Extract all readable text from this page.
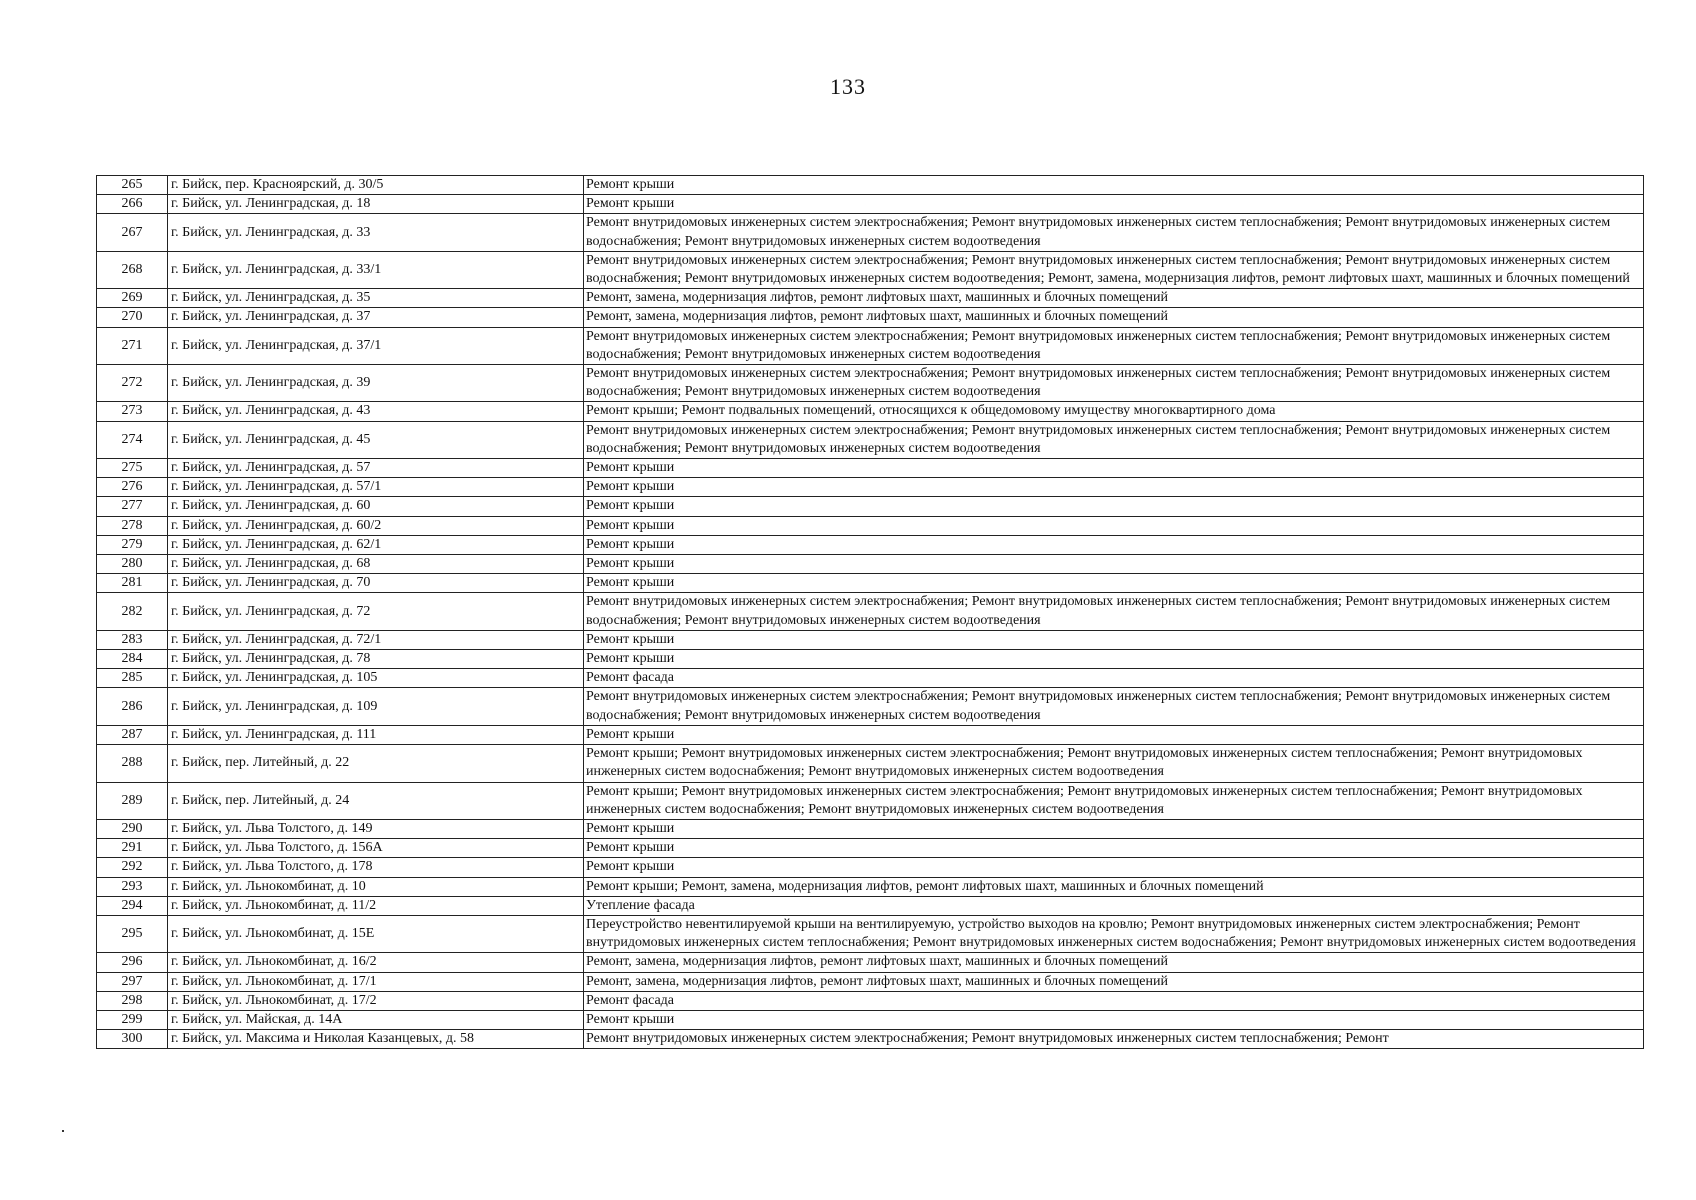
133
265	г. Бийск, пер. Красноярский, д. 30/5	Ремонт крыши
266	г. Бийск, ул. Ленинградская, д. 18	Ремонт крыши
267	г. Бийск, ул. Ленинградская, д. 33	Ремонт внутридомовых инженерных систем электроснабжения; Ремонт внутридомовых инженерных систем теплоснабжения; Ремонт внутридомовых инженерных систем водоснабжения; Ремонт внутридомовых инженерных систем водоотведения
268	г. Бийск, ул. Ленинградская, д. 33/1	Ремонт внутридомовых инженерных систем электроснабжения; Ремонт внутридомовых инженерных систем теплоснабжения; Ремонт внутридомовых инженерных систем водоснабжения; Ремонт внутридомовых инженерных систем водоотведения; Ремонт, замена, модернизация лифтов, ремонт лифтовых шахт, машинных и блочных помещений
269	г. Бийск, ул. Ленинградская, д. 35	Ремонт, замена, модернизация лифтов, ремонт лифтовых шахт, машинных и блочных помещений
270	г. Бийск, ул. Ленинградская, д. 37	Ремонт, замена, модернизация лифтов, ремонт лифтовых шахт, машинных и блочных помещений
271	г. Бийск, ул. Ленинградская, д. 37/1	Ремонт внутридомовых инженерных систем электроснабжения; Ремонт внутридомовых инженерных систем теплоснабжения; Ремонт внутридомовых инженерных систем водоснабжения; Ремонт внутридомовых инженерных систем водоотведения
272	г. Бийск, ул. Ленинградская, д. 39	Ремонт внутридомовых инженерных систем электроснабжения; Ремонт внутридомовых инженерных систем теплоснабжения; Ремонт внутридомовых инженерных систем водоснабжения; Ремонт внутридомовых инженерных систем водоотведения
273	г. Бийск, ул. Ленинградская, д. 43	Ремонт крыши; Ремонт подвальных помещений, относящихся к общедомовому имуществу многоквартирного дома
274	г. Бийск, ул. Ленинградская, д. 45	Ремонт внутридомовых инженерных систем электроснабжения; Ремонт внутридомовых инженерных систем теплоснабжения; Ремонт внутридомовых инженерных систем водоснабжения; Ремонт внутридомовых инженерных систем водоотведения
275	г. Бийск, ул. Ленинградская, д. 57	Ремонт крыши
276	г. Бийск, ул. Ленинградская, д. 57/1	Ремонт крыши
277	г. Бийск, ул. Ленинградская, д. 60	Ремонт крыши
278	г. Бийск, ул. Ленинградская, д. 60/2	Ремонт крыши
279	г. Бийск, ул. Ленинградская, д. 62/1	Ремонт крыши
280	г. Бийск, ул. Ленинградская, д. 68	Ремонт крыши
281	г. Бийск, ул. Ленинградская, д. 70	Ремонт крыши
282	г. Бийск, ул. Ленинградская, д. 72	Ремонт внутридомовых инженерных систем электроснабжения; Ремонт внутридомовых инженерных систем теплоснабжения; Ремонт внутридомовых инженерных систем водоснабжения; Ремонт внутридомовых инженерных систем водоотведения
283	г. Бийск, ул. Ленинградская, д. 72/1	Ремонт крыши
284	г. Бийск, ул. Ленинградская, д. 78	Ремонт крыши
285	г. Бийск, ул. Ленинградская, д. 105	Ремонт фасада
286	г. Бийск, ул. Ленинградская, д. 109	Ремонт внутридомовых инженерных систем электроснабжения; Ремонт внутридомовых инженерных систем теплоснабжения; Ремонт внутридомовых инженерных систем водоснабжения; Ремонт внутридомовых инженерных систем водоотведения
287	г. Бийск, ул. Ленинградская, д. 111	Ремонт крыши
288	г. Бийск, пер. Литейный, д. 22	Ремонт крыши; Ремонт внутридомовых инженерных систем электроснабжения; Ремонт внутридомовых инженерных систем теплоснабжения; Ремонт внутридомовых инженерных систем водоснабжения; Ремонт внутридомовых инженерных систем водоотведения
289	г. Бийск, пер. Литейный, д. 24	Ремонт крыши; Ремонт внутридомовых инженерных систем электроснабжения; Ремонт внутридомовых инженерных систем теплоснабжения; Ремонт внутридомовых инженерных систем водоснабжения; Ремонт внутридомовых инженерных систем водоотведения
290	г. Бийск, ул. Льва Толстого, д. 149	Ремонт крыши
291	г. Бийск, ул. Льва Толстого, д. 156А	Ремонт крыши
292	г. Бийск, ул. Льва Толстого, д. 178	Ремонт крыши
293	г. Бийск, ул. Льнокомбинат, д. 10	Ремонт крыши; Ремонт, замена, модернизация лифтов, ремонт лифтовых шахт, машинных и блочных помещений
294	г. Бийск, ул. Льнокомбинат, д. 11/2	Утепление фасада
295	г. Бийск, ул. Льнокомбинат, д. 15Е	Переустройство невентилируемой крыши на вентилируемую, устройство выходов на кровлю; Ремонт внутридомовых инженерных систем электроснабжения; Ремонт внутридомовых инженерных систем теплоснабжения; Ремонт внутридомовых инженерных систем водоснабжения; Ремонт внутридомовых инженерных систем водоотведения
296	г. Бийск, ул. Льнокомбинат, д. 16/2	Ремонт, замена, модернизация лифтов, ремонт лифтовых шахт, машинных и блочных помещений
297	г. Бийск, ул. Льнокомбинат, д. 17/1	Ремонт, замена, модернизация лифтов, ремонт лифтовых шахт, машинных и блочных помещений
298	г. Бийск, ул. Льнокомбинат, д. 17/2	Ремонт фасада
299	г. Бийск, ул. Майская, д. 14А	Ремонт крыши
300	г. Бийск, ул. Максима и Николая Казанцевых, д. 58	Ремонт внутридомовых инженерных систем электроснабжения; Ремонт внутридомовых инженерных систем теплоснабжения; Ремонт
